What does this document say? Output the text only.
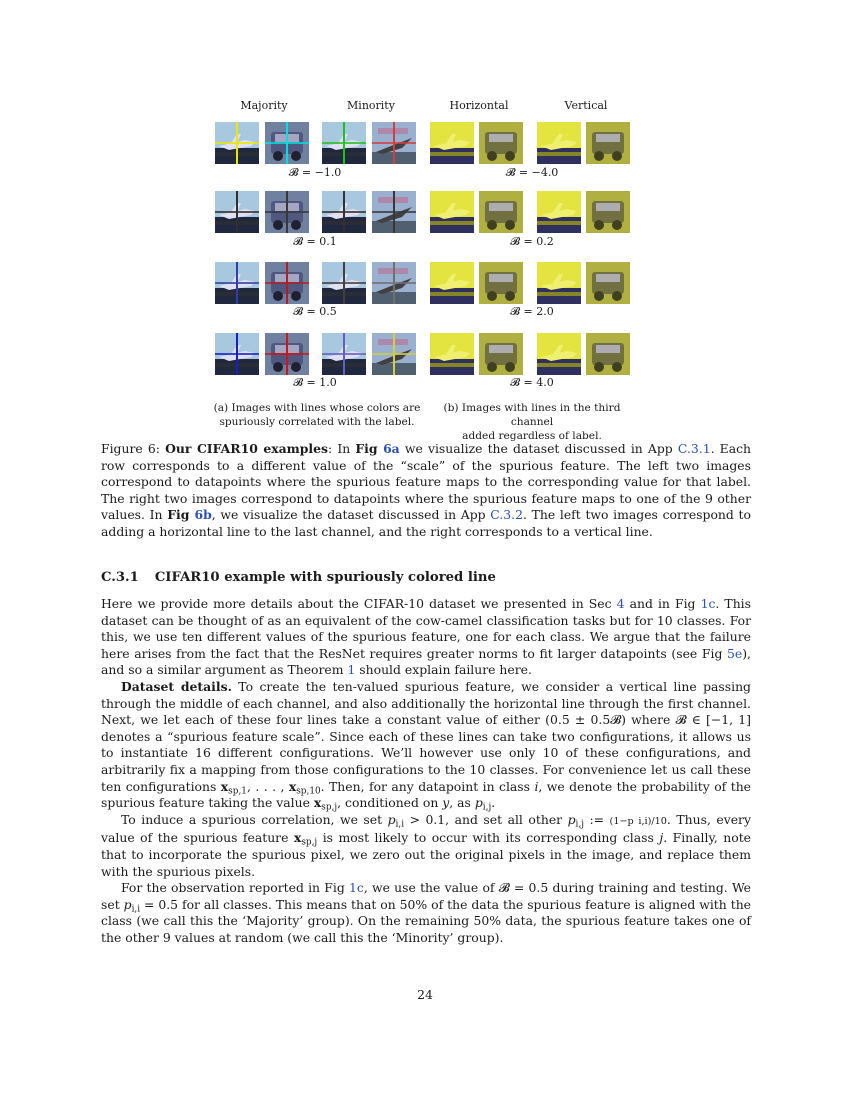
Majority	Minority	Horizontal	Vertical
𝓑 = −1.0	𝓑 = −4.0
𝓑 = 0.1	𝓑 = 0.2
𝓑 = 0.5	𝓑 = 2.0
𝓑 = 1.0	𝓑 = 4.0
(a) Images with lines whose colors are
spuriously correlated with the label.
(b) Images with lines in the third channel
added regardless of label.

Figure 6: Our CIFAR10 examples: In Fig 6a we visualize the dataset discussed in App C.3.1. Each row corresponds to a different value of the “scale” of the spurious feature. The left two images correspond to datapoints where the spurious feature maps to the corresponding value for that label. The right two images correspond to datapoints where the spurious feature maps to one of the 9 other values. In Fig 6b, we visualize the dataset discussed in App C.3.2. The left two images correspond to adding a horizontal line to the last channel, and the right corresponds to a vertical line.

C.3.1 CIFAR10 example with spuriously colored line

Here we provide more details about the CIFAR-10 dataset we presented in Sec 4 and in Fig 1c. This dataset can be thought of as an equivalent of the cow-camel classification tasks but for 10 classes. For this, we use ten different values of the spurious feature, one for each class. We argue that the failure here arises from the fact that the ResNet requires greater norms to fit larger datapoints (see Fig 5e), and so a similar argument as Theorem 1 should explain failure here.

Dataset details. To create the ten-valued spurious feature, we consider a vertical line passing through the middle of each channel, and also additionally the horizontal line through the first channel. Next, we let each of these four lines take a constant value of either (0.5 ± 0.5𝓑) where 𝓑 ∈ [−1, 1] denotes a “spurious feature scale”. Since each of these lines can take two configurations, it allows us to instantiate 16 different configurations. We’ll however use only 10 of these configurations, and arbitrarily fix a mapping from those configurations to the 10 classes. For convenience let us call these ten configurations $x_{sp,1}$, . . . , $x_{sp,10}$. Then, for any datapoint in class i, we denote the probability of the spurious feature taking the value $x_{sp,j}$, conditioned on y, as $p_{i,j}$.

To induce a spurious correlation, we set $p_{i,i} > 0.1$, and set all other $p_{i,j}$ := (1−p i,i)/10. Thus, every value of the spurious feature $x_{sp,j}$ is most likely to occur with its corresponding class j. Finally, note that to incorporate the spurious pixel, we zero out the original pixels in the image, and replace them with the spurious pixels.

For the observation reported in Fig 1c, we use the value of 𝓑 = 0.5 during training and testing. We set $p_{i,i} = 0.5$ for all classes. This means that on 50% of the data the spurious feature is aligned with the class (we call this the ‘Majority’ group). On the remaining 50% data, the spurious feature takes one of the other 9 values at random (we call this the ‘Minority’ group).

24
